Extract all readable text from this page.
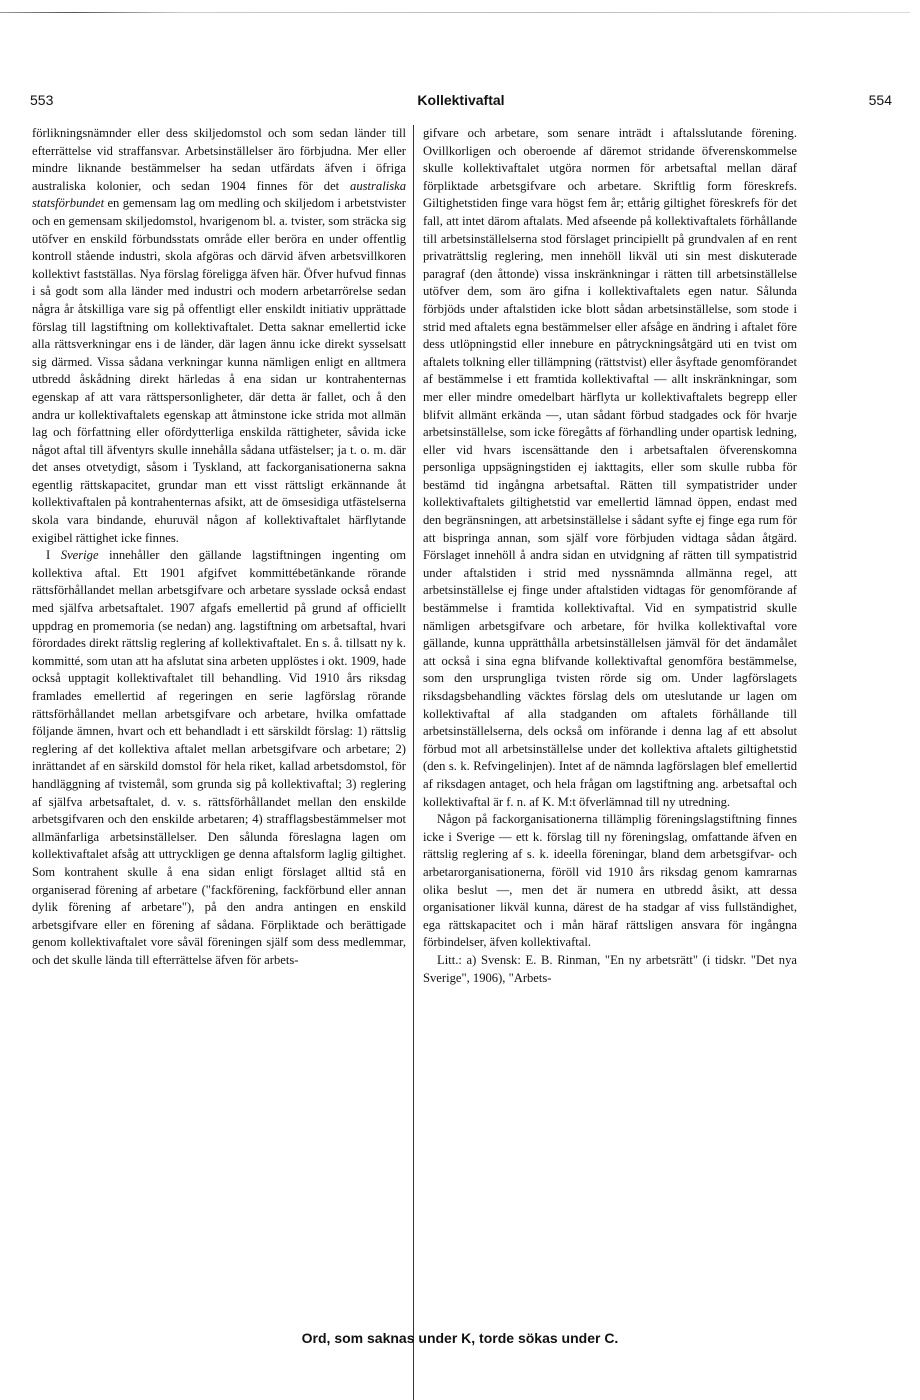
553	Kollektivaftal	554

förlikningsnämnder eller dess skiljedomstol och som sedan länder till efterrättelse vid straffansvar. Arbetsinställelser äro förbjudna. Mer eller mindre liknande bestämmelser ha sedan utfärdats äfven i öfriga australiska kolonier, och sedan 1904 finnes för det australiska statsförbundet en gemensam lag om medling och skiljedom i arbetstvister och en gemensam skiljedomstol, hvarigenom bl. a. tvister, som sträcka sig utöfver en enskild förbundsstats område eller beröra en under offentlig kontroll stående industri, skola afgöras och därvid äfven arbetsvillkoren kollektivt fastställas. Nya förslag föreligga äfven här. Öfver hufvud finnas i så godt som alla länder med industri och modern arbetarrörelse sedan några år åtskilliga vare sig på offentligt eller enskildt initiativ upprättade förslag till lagstiftning om kollektivaftalet. Detta saknar emellertid icke alla rättsverkningar ens i de länder, där lagen ännu icke direkt sysselsatt sig därmed. Vissa sådana verkningar kunna nämligen enligt en alltmera utbredd åskådning direkt härledas å ena sidan ur kontrahenternas egenskap af att vara rättspersonligheter, där detta är fallet, och å den andra ur kollektivaftalets egenskap att åtminstone icke strida mot allmän lag och författning eller ofördytterliga enskilda rättigheter, såvida icke något aftal till äfventyrs skulle innehålla sådana utfästelser; ja t. o. m. där det anses otvetydigt, såsom i Tyskland, att fackorganisationerna sakna egentlig rättskapacitet, grundar man ett visst rättsligt erkännande åt kollektivaftalen på kontrahenternas afsikt, att de ömsesidiga utfästelserna skola vara bindande, ehuruväl någon af kollektivaftalet härflytande exigibel rättighet icke finnes.

I Sverige innehåller den gällande lagstiftningen ingenting om kollektiva aftal. Ett 1901 afgifvet kommittébetänkande rörande rättsförhållandet mellan arbetsgifvare och arbetare sysslade också endast med själfva arbetsaftalet. 1907 afgafs emellertid på grund af officiellt uppdrag en promemoria (se nedan) ang. lagstiftning om arbetsaftal, hvari förordades direkt rättslig reglering af kollektivaftalet. En s. å. tillsatt ny k. kommitté, som utan att ha afslutat sina arbeten upplöstes i okt. 1909, hade också upptagit kollektivaftalet till behandling. Vid 1910 års riksdag framlades emellertid af regeringen en serie lagförslag rörande rättsförhållandet mellan arbetsgifvare och arbetare, hvilka omfattade följande ämnen, hvart och ett behandladt i ett särskildt förslag: 1) rättslig reglering af det kollektiva aftalet mellan arbetsgifvare och arbetare; 2) inrättandet af en särskild domstol för hela riket, kallad arbetsdomstol, för handläggning af tvistemål, som grunda sig på kollektivaftal; 3) reglering af själfva arbetsaftalet, d. v. s. rättsförhållandet mellan den enskilde arbetsgifvaren och den enskilde arbetaren; 4) strafflagsbestämmelser mot allmänfarliga arbetsinställelser. Den sålunda föreslagna lagen om kollektivaftalet afsåg att uttryckligen ge denna aftalsform laglig giltighet. Som kontrahent skulle å ena sidan enligt förslaget alltid stå en organiserad förening af arbetare ("fackförening, fackförbund eller annan dylik förening af arbetare"), på den andra antingen en enskild arbetsgifvare eller en förening af sådana. Förpliktade och berättigade genom kollektivaftalet vore såväl föreningen själf som dess medlemmar, och det skulle lända till efterrättelse äfven för arbets-

gifvare och arbetare, som senare inträdt i aftalsslutande förening. Ovillkorligen och oberoende af däremot stridande öfverenskommelse skulle kollektivaftalet utgöra normen för arbetsaftal mellan däraf förpliktade arbetsgifvare och arbetare. Skriftlig form föreskrefs. Giltighetstiden finge vara högst fem år; ettårig giltighet föreskrefs för det fall, att intet därom aftalats. Med afseende på kollektivaftalets förhållande till arbetsinställelserna stod förslaget principiellt på grundvalen af en rent privaträttslig reglering, men innehöll likväl uti sin mest diskuterade paragraf (den åttonde) vissa inskränkningar i rätten till arbetsinställelse utöfver dem, som äro gifna i kollektivaftalets egen natur. Sålunda förbjöds under aftalstiden icke blott sådan arbetsinställelse, som stode i strid med aftalets egna bestämmelser eller afsåge en ändring i aftalet före dess utlöpningstid eller innebure en påtryckningsåtgärd uti en tvist om aftalets tolkning eller tillämpning (rättstvist) eller åsyftade genomförandet af bestämmelse i ett framtida kollektivaftal — allt inskränkningar, som mer eller mindre omedelbart härflyta ur kollektivaftalets begrepp eller blifvit allmänt erkända —, utan sådant förbud stadgades ock för hvarje arbetsinställelse, som icke föregåtts af förhandling under opartisk ledning, eller vid hvars iscensättande den i arbetsaftalen öfverenskomna personliga uppsägningstiden ej iakttagits, eller som skulle rubba för bestämd tid ingångna arbetsaftal. Rätten till sympatistrider under kollektivaftalets giltighetstid var emellertid lämnad öppen, endast med den begränsningen, att arbetsinställelse i sådant syfte ej finge ega rum för att bispringa annan, som själf vore förbjuden vidtaga sådan åtgärd. Förslaget innehöll å andra sidan en utvidgning af rätten till sympatistrid under aftalstiden i strid med nyssnämnda allmänna regel, att arbetsinställelse ej finge under aftalstiden vidtagas för genomförande af bestämmelse i framtida kollektivaftal. Vid en sympatistrid skulle nämligen arbetsgifvare och arbetare, för hvilka kollektivaftal vore gällande, kunna upprätthålla arbetsinställelsen jämväl för det ändamålet att också i sina egna blifvande kollektivaftal genomföra bestämmelse, som den ursprungliga tvisten rörde sig om. Under lagförslagets riksdagsbehandling väcktes förslag dels om uteslutande ur lagen om kollektivaftal af alla stadganden om aftalets förhållande till arbetsinställelserna, dels också om införande i denna lag af ett absolut förbud mot all arbetsinställelse under det kollektiva aftalets giltighetstid (den s. k. Refvingelinjen). Intet af de nämnda lagförslagen blef emellertid af riksdagen antaget, och hela frågan om lagstiftning ang. arbetsaftal och kollektivaftal är f. n. af K. M:t öfverlämnad till ny utredning.

Någon på fackorganisationerna tillämplig föreningslagstiftning finnes icke i Sverige — ett k. förslag till ny föreningslag, omfattande äfven en rättslig reglering af s. k. ideella föreningar, bland dem arbetsgifvar- och arbetarorganisationerna, föröll vid 1910 års riksdag genom kamrarnas olika beslut —, men det är numera en utbredd åsikt, att dessa organisationer likväl kunna, därest de ha stadgar af viss fullständighet, ega rättskapacitet och i mån häraf rättsligen ansvara för ingångna förbindelser, äfven kollektivaftal.

Litt.: a) Svensk: E. B. Rinman, "En ny arbetsrätt" (i tidskr. "Det nya Sverige", 1906), "Arbets-

Ord, som saknas under K, torde sökas under C.
